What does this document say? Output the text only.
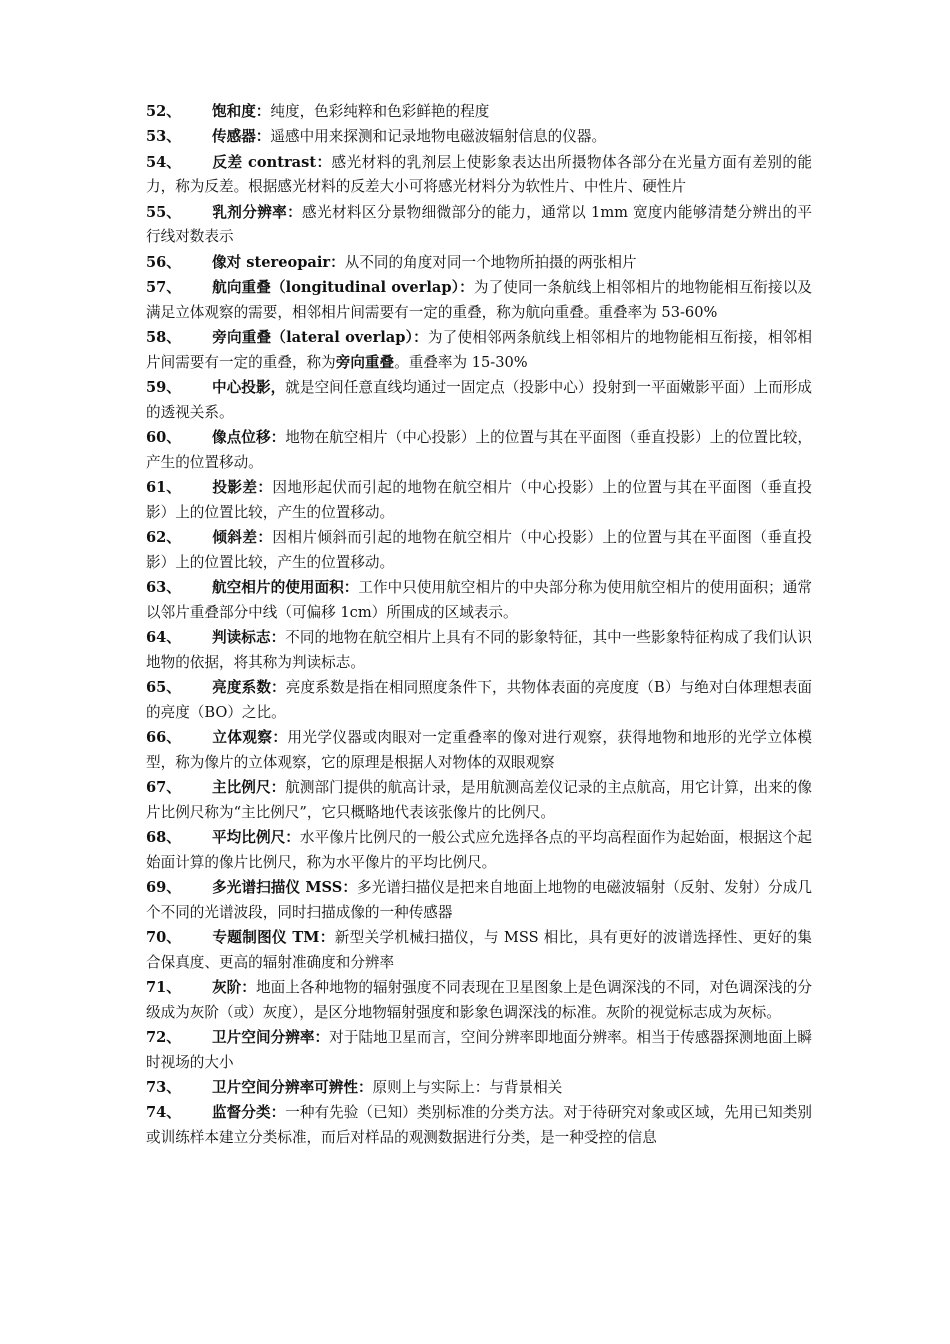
52、 饱和度：纯度，色彩纯粹和色彩鲜艳的程度

53、 传感器：遥感中用来探测和记录地物电磁波辐射信息的仪器。

54、 反差 contrast：感光材料的乳剂层上使影象表达出所摄物体各部分在光量方面有差别的能力，称为反差。根据感光材料的反差大小可将感光材料分为软性片、中性片、硬性片

55、 乳剂分辨率：感光材料区分景物细微部分的能力，通常以 1mm 宽度内能够清楚分辨出的平行线对数表示

56、 像对 stereopair：从不同的角度对同一个地物所拍摄的两张相片

57、 航向重叠（longitudinal overlap）：为了使同一条航线上相邻相片的地物能相互衔接以及满足立体观察的需要，相邻相片间需要有一定的重叠，称为航向重叠。重叠率为 53-60%

58、 旁向重叠（lateral overlap）：为了使相邻两条航线上相邻相片的地物能相互衔接，相邻相片间需要有一定的重叠，称为旁向重叠。重叠率为 15-30%

59、 中心投影，就是空间任意直线均通过一固定点（投影中心）投射到一平面嫩影平面）上而形成的透视关系。

60、 像点位移：地物在航空相片（中心投影）上的位置与其在平面图（垂直投影）上的位置比较，产生的位置移动。

61、 投影差：因地形起伏而引起的地物在航空相片（中心投影）上的位置与其在平面图（垂直投影）上的位置比较，产生的位置移动。

62、 倾斜差：因相片倾斜而引起的地物在航空相片（中心投影）上的位置与其在平面图（垂直投影）上的位置比较，产生的位置移动。

63、 航空相片的使用面积：工作中只使用航空相片的中央部分称为使用航空相片的使用面积；通常以邻片重叠部分中线（可偏移 1cm）所围成的区域表示。

64、 判读标志：不同的地物在航空相片上具有不同的影象特征，其中一些影象特征构成了我们认识地物的依据，将其称为判读标志。

65、 亮度系数：亮度系数是指在相同照度条件下，共物体表面的亮度度（B）与绝对白体理想表面的亮度（BO）之比。

66、 立体观察：用光学仪器或肉眼对一定重叠率的像对进行观察，获得地物和地形的光学立体模型，称为像片的立体观察，它的原理是根据人对物体的双眼观察

67、 主比例尺：航测部门提供的航高计录，是用航测高差仪记录的主点航高，用它计算，出来的像片比例尺称为“主比例尺”，它只概略地代表该张像片的比例尺。

68、 平均比例尺：水平像片比例尺的一般公式应允选择各点的平均高程面作为起始面，根据这个起始面计算的像片比例尺，称为水平像片的平均比例尺。

69、 多光谱扫描仪 MSS：多光谱扫描仪是把来自地面上地物的电磁波辐射（反射、发射）分成几个不同的光谱波段，同时扫描成像的一种传感器

70、 专题制图仪 TM：新型关学机械扫描仪，与 MSS 相比，具有更好的波谱选择性、更好的集合保真度、更高的辐射准确度和分辨率

71、 灰阶：地面上各种地物的辐射强度不同表现在卫星图象上是色调深浅的不同，对色调深浅的分级成为灰阶（或）灰度），是区分地物辐射强度和影象色调深浅的标准。灰阶的视觉标志成为灰标。

72、 卫片空间分辨率：对于陆地卫星而言，空间分辨率即地面分辨率。相当于传感器探测地面上瞬时视场的大小

73、 卫片空间分辨率可辨性：原则上与实际上：与背景相关

74、 监督分类：一种有先验（已知）类别标准的分类方法。对于待研究对象或区域，先用已知类别或训练样本建立分类标准，而后对样品的观测数据进行分类，是一种受控的信息
